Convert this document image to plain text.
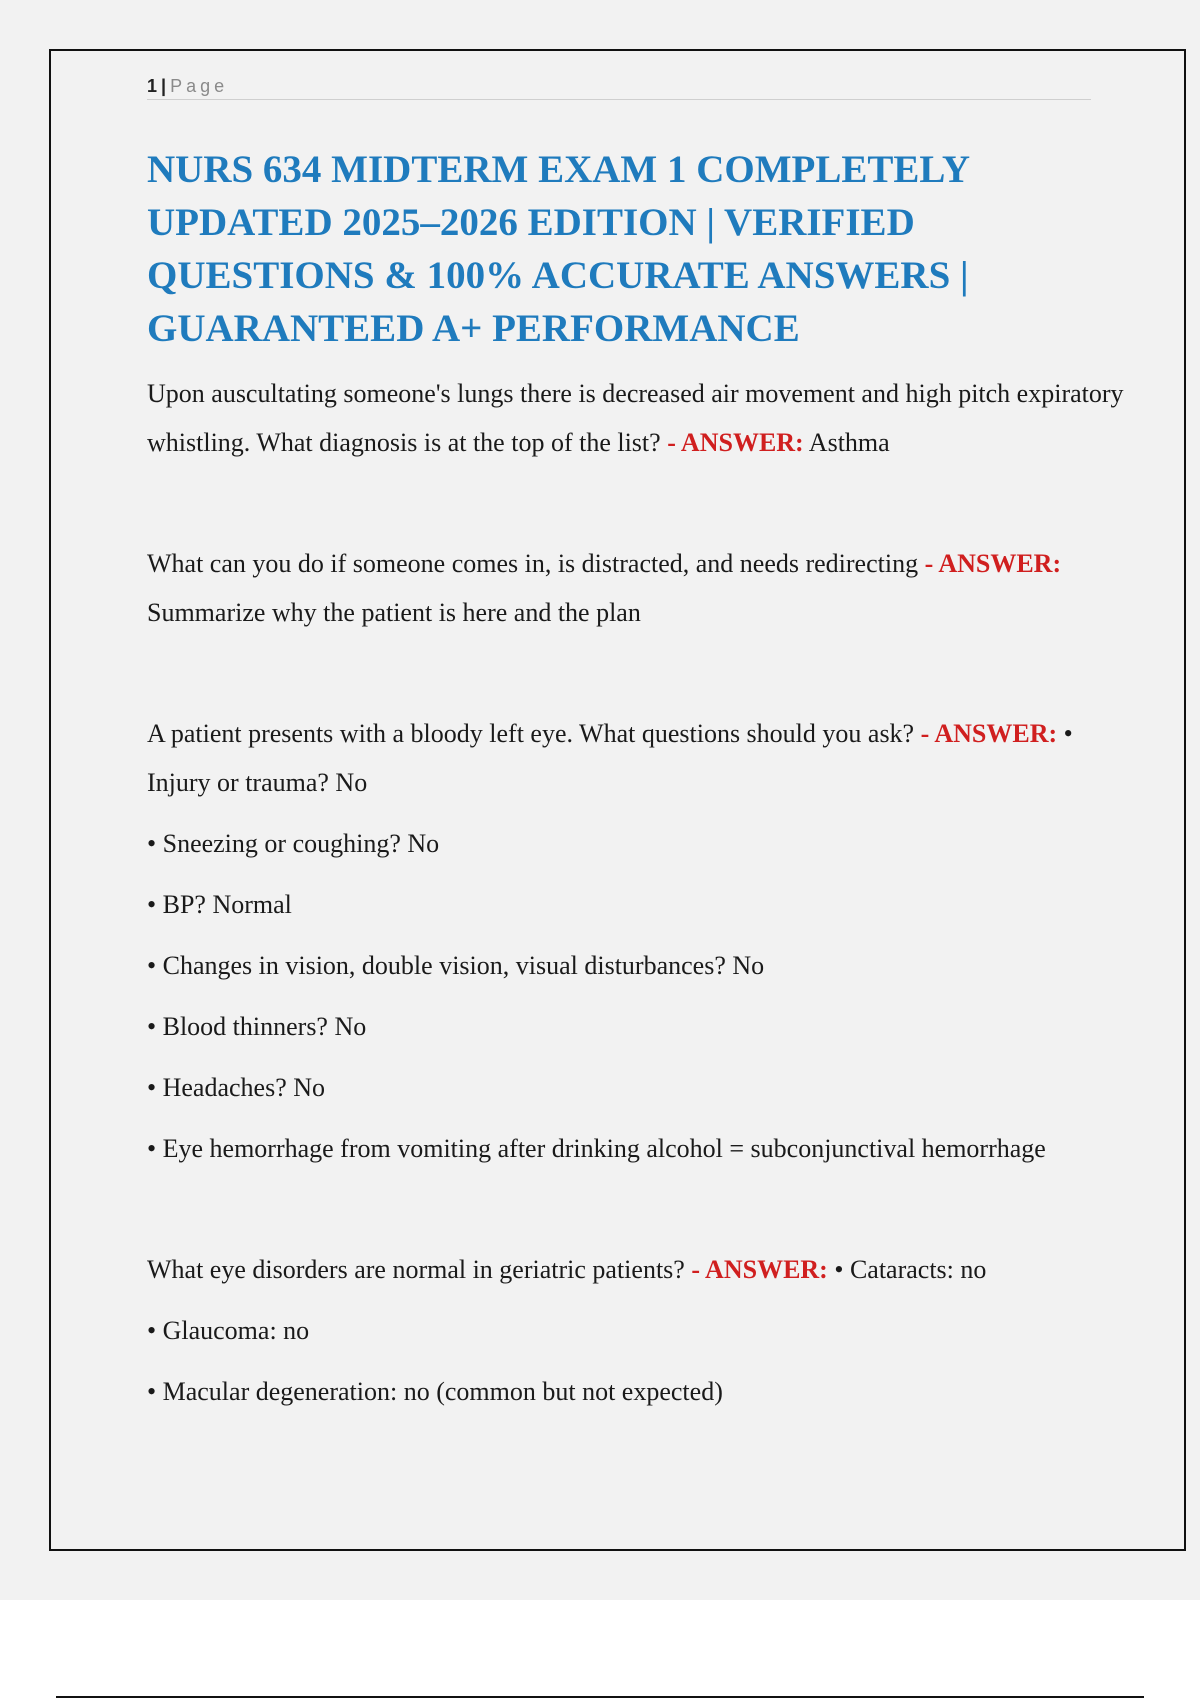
1 | Page
NURS 634 MIDTERM EXAM 1 COMPLETELY UPDATED 2025–2026 EDITION | VERIFIED QUESTIONS & 100% ACCURATE ANSWERS | GUARANTEED A+ PERFORMANCE

Upon auscultating someone's lungs there is decreased air movement and high pitch expiratory whistling. What diagnosis is at the top of the list? - ANSWER: Asthma

What can you do if someone comes in, is distracted, and needs redirecting - ANSWER: Summarize why the patient is here and the plan

A patient presents with a bloody left eye. What questions should you ask? - ANSWER: • Injury or trauma? No

• Sneezing or coughing? No

• BP? Normal

• Changes in vision, double vision, visual disturbances? No

• Blood thinners? No

• Headaches? No

• Eye hemorrhage from vomiting after drinking alcohol = subconjunctival hemorrhage

What eye disorders are normal in geriatric patients? - ANSWER: • Cataracts: no

• Glaucoma: no

• Macular degeneration: no (common but not expected)
